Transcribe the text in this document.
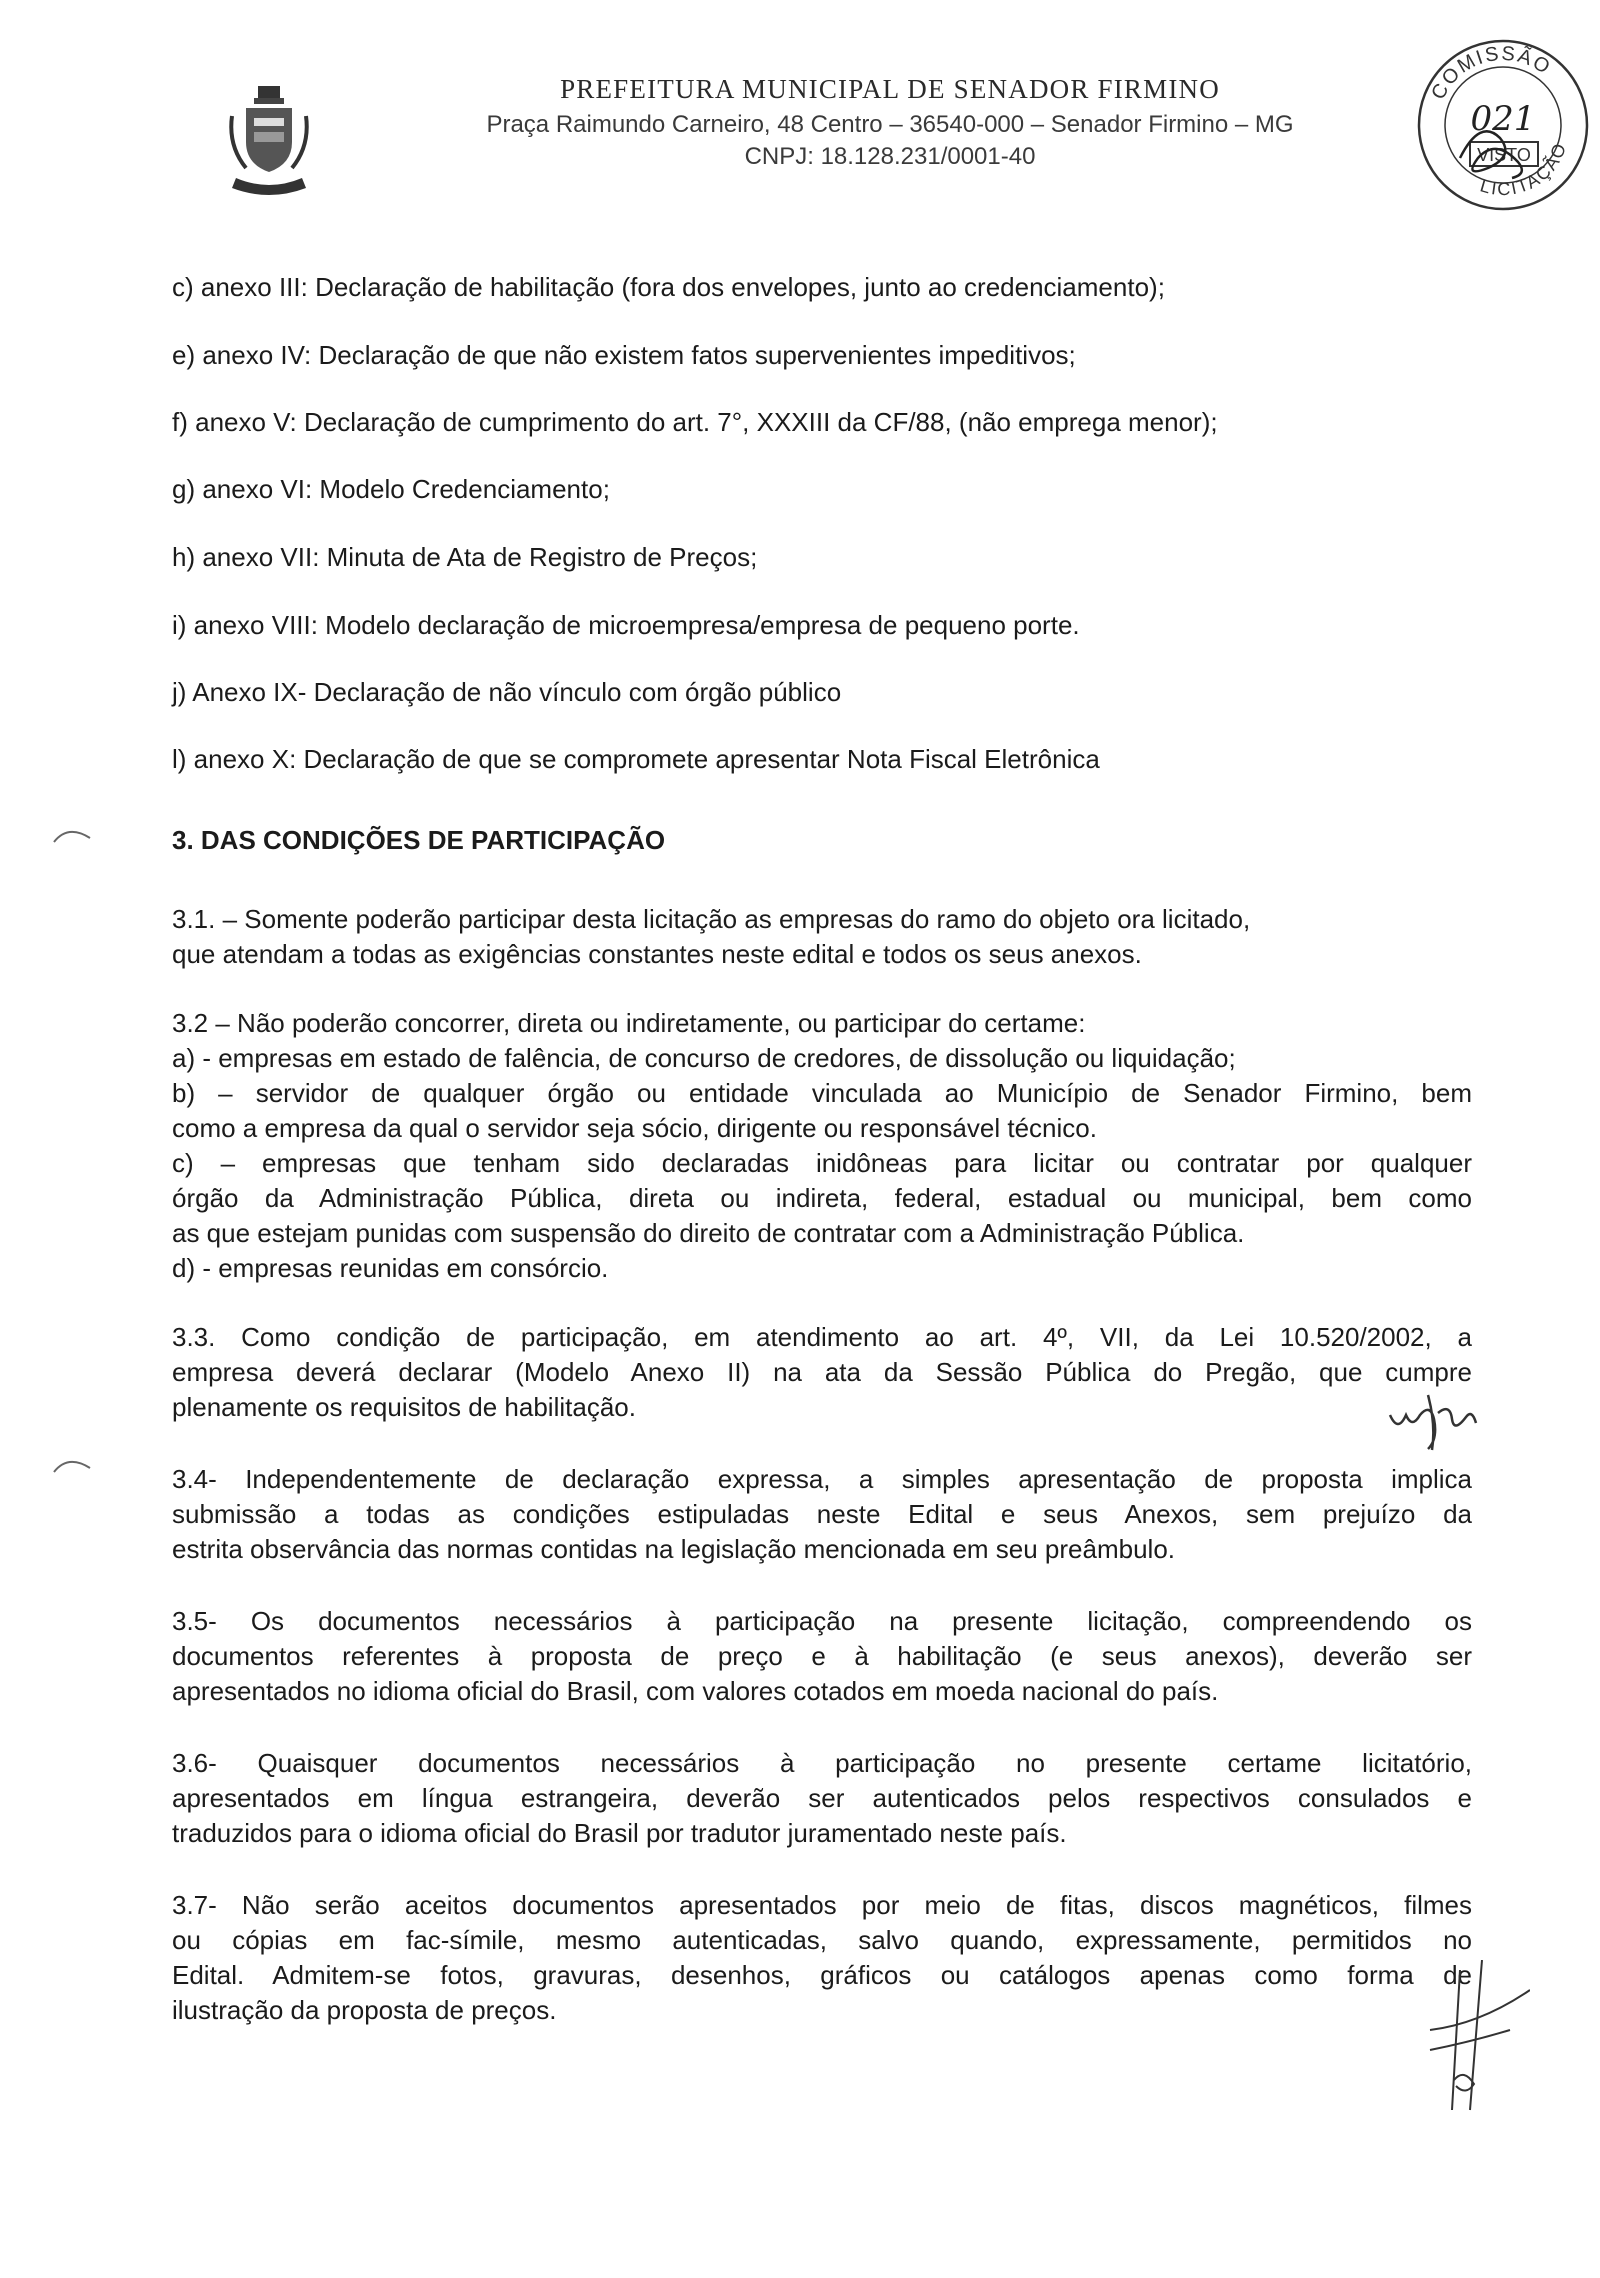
PREFEITURA MUNICIPAL DE SENADOR FIRMINO
Praça Raimundo Carneiro, 48 Centro – 36540-000 – Senador Firmino – MG
CNPJ: 18.128.231/0001-40
COMISSÃO
LICITAÇÃO
021
VISTO
c) anexo III: Declaração de habilitação (fora dos envelopes, junto ao credenciamento);
e) anexo IV: Declaração de que não existem fatos supervenientes impeditivos;
f) anexo V: Declaração de cumprimento do art. 7°, XXXIII da CF/88, (não emprega menor);
g) anexo VI: Modelo Credenciamento;
h) anexo VII: Minuta de Ata de Registro de Preços;
i) anexo VIII: Modelo declaração de microempresa/empresa de pequeno porte.
j) Anexo IX- Declaração de não vínculo com órgão público
l) anexo X: Declaração de que se compromete apresentar Nota Fiscal Eletrônica
3. DAS CONDIÇÕES DE PARTICIPAÇÃO
3.1. – Somente poderão participar desta licitação as empresas do ramo do objeto ora licitado,
que atendam a todas as exigências constantes neste edital e todos os seus anexos.
3.2 – Não poderão concorrer, direta ou indiretamente, ou participar do certame:
a) - empresas em estado de falência, de concurso de credores, de dissolução ou liquidação;
b) – servidor de qualquer órgão ou entidade vinculada ao Município de Senador Firmino, bem
como a empresa da qual o servidor seja sócio, dirigente ou responsável técnico.
c) – empresas que tenham sido declaradas inidôneas para licitar ou contratar por qualquer
órgão da Administração Pública, direta ou indireta, federal, estadual ou municipal, bem como
as que estejam punidas com suspensão do direito de contratar com a Administração Pública.
d) - empresas reunidas em consórcio.
3.3. Como condição de participação, em atendimento ao art. 4º, VII, da Lei 10.520/2002, a
empresa deverá declarar (Modelo Anexo II) na ata da Sessão Pública do Pregão, que cumpre
plenamente os requisitos de habilitação.
3.4- Independentemente de declaração expressa, a simples apresentação de proposta implica
submissão a todas as condições estipuladas neste Edital e seus Anexos, sem prejuízo da
estrita observância das normas contidas na legislação mencionada em seu preâmbulo.
3.5- Os documentos necessários à participação na presente licitação, compreendendo os
documentos referentes à proposta de preço e à habilitação (e seus anexos), deverão ser
apresentados no idioma oficial do Brasil, com valores cotados em moeda nacional do país.
3.6- Quaisquer documentos necessários à participação no presente certame licitatório,
apresentados em língua estrangeira, deverão ser autenticados pelos respectivos consulados e
traduzidos para o idioma oficial do Brasil por tradutor juramentado neste país.
3.7- Não serão aceitos documentos apresentados por meio de fitas, discos magnéticos, filmes
ou cópias em fac-símile, mesmo autenticadas, salvo quando, expressamente, permitidos no
Edital. Admitem-se fotos, gravuras, desenhos, gráficos ou catálogos apenas como forma de
ilustração da proposta de preços.
